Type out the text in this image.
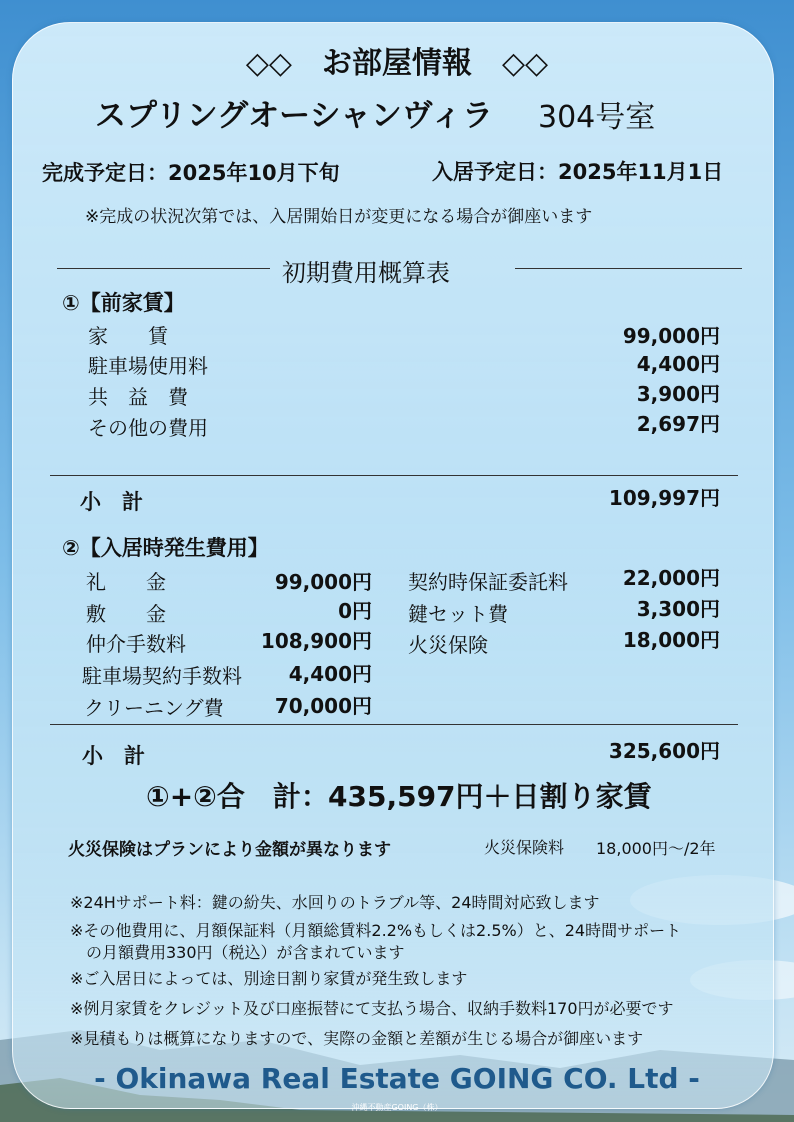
◇◇　お部屋情報　◇◇
スプリングオーシャンヴィラ 304号室
完成予定日：2025年10月下旬	入居予定日：2025年11月1日
※完成の状況次第では、入居開始日が変更になる場合が御座います
初期費用概算表
①【前家賃】
家　　賃	99,000円
駐車場使用料	4,400円
共　益　費	3,900円
その他の費用	2,697円
小　計	109,997円
②【入居時発生費用】
礼　　金	99,000円
敷　　金	0円
仲介手数料	108,900円
駐車場契約手数料	4,400円
クリーニング費	70,000円
契約時保証委託料	22,000円
鍵セット費	3,300円
火災保険	18,000円
小　計	325,600円
①+②合　計： 435,597円＋日割り家賃
火災保険はプランにより金額が異なります	火災保険料 18,000円～/2年
※24Hサポート料：鍵の紛失、水回りのトラブル等、24時間対応致します
※その他費用に、月額保証料（月額総賃料2.2%もしくは2.5%）と、24時間サポート
　の月額費用330円（税込）が含まれています
※ご入居日によっては、別途日割り家賃が発生致します
※例月家賃をクレジット及び口座振替にて支払う場合、収納手数料170円が必要です
※見積もりは概算になりますので、実際の金額と差額が生じる場合が御座います
- Okinawa Real Estate GOING CO. Ltd -
沖縄不動産GOING（株）
